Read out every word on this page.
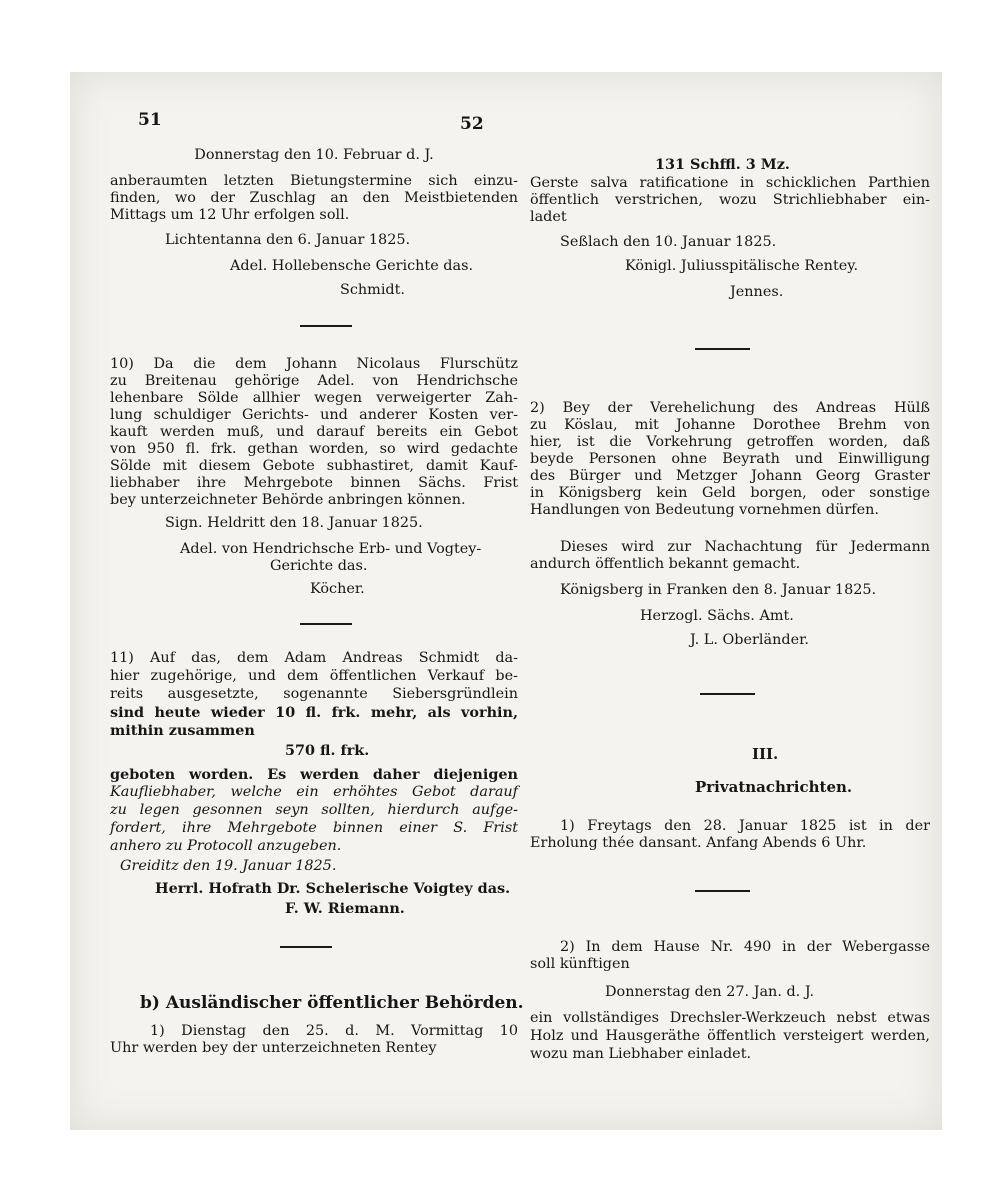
51	52
Donnerstag den 10. Februar d. J.
anberaumten letzten Bietungstermine sich einzu-
finden, wo der Zuschlag an den Meistbietenden
Mittags um 12 Uhr erfolgen soll.
Lichtentanna den 6. Januar 1825.
Adel. Hollebensche Gerichte das.
Schmidt.
10) Da die dem Johann Nicolaus Flurschütz
zu Breitenau gehörige Adel. von Hendrichsche
lehenbare Sölde allhier wegen verweigerter Zah-
lung schuldiger Gerichts- und anderer Kosten ver-
kauft werden muß, und darauf bereits ein Gebot
von 950 fl. frk. gethan worden, so wird gedachte
Sölde mit diesem Gebote subhastiret, damit Kauf-
liebhaber ihre Mehrgebote binnen Sächs. Frist
bey unterzeichneter Behörde anbringen können.
Sign. Heldritt den 18. Januar 1825.
Adel. von Hendrichsche Erb- und Vogtey-
Gerichte das.
Köcher.
11) Auf das, dem Adam Andreas Schmidt da-
hier zugehörige, und dem öffentlichen Verkauf be-
reits ausgesetzte, sogenannte Siebersgründlein
sind heute wieder 10 fl. frk. mehr, als vorhin,
mithin zusammen
570 fl. frk.
geboten worden. Es werden daher diejenigen
Kaufliebhaber, welche ein erhöhtes Gebot darauf
zu legen gesonnen seyn sollten, hierdurch aufge-
fordert, ihre Mehrgebote binnen einer S. Frist
anhero zu Protocoll anzugeben.
Greiditz den 19. Januar 1825.
Herrl. Hofrath Dr. Schelerische Voigtey das.
F. W. Riemann.
b) Ausländischer öffentlicher Behörden.
1) Dienstag den 25. d. M. Vormittag 10
Uhr werden bey der unterzeichneten Rentey
131 Schffl. 3 Mz.
Gerste salva ratificatione in schicklichen Parthien
öffentlich verstrichen, wozu Strichliebhaber ein-
ladet
Seßlach den 10. Januar 1825.
Königl. Juliusspitälische Rentey.
Jennes.
2) Bey der Verehelichung des Andreas Hülß
zu Köslau, mit Johanne Dorothee Brehm von
hier, ist die Vorkehrung getroffen worden, daß
beyde Personen ohne Beyrath und Einwilligung
des Bürger und Metzger Johann Georg Graster
in Königsberg kein Geld borgen, oder sonstige
Handlungen von Bedeutung vornehmen dürfen.
Dieses wird zur Nachachtung für Jedermann
andurch öffentlich bekannt gemacht.
Königsberg in Franken den 8. Januar 1825.
Herzogl. Sächs. Amt.
J. L. Oberländer.
III.
Privatnachrichten.
1) Freytags den 28. Januar 1825 ist in der
Erholung thée dansant. Anfang Abends 6 Uhr.
2) In dem Hause Nr. 490 in der Webergasse
soll künftigen
Donnerstag den 27. Jan. d. J.
ein vollständiges Drechsler-Werkzeuch nebst etwas
Holz und Hausgeräthe öffentlich versteigert werden,
wozu man Liebhaber einladet.
